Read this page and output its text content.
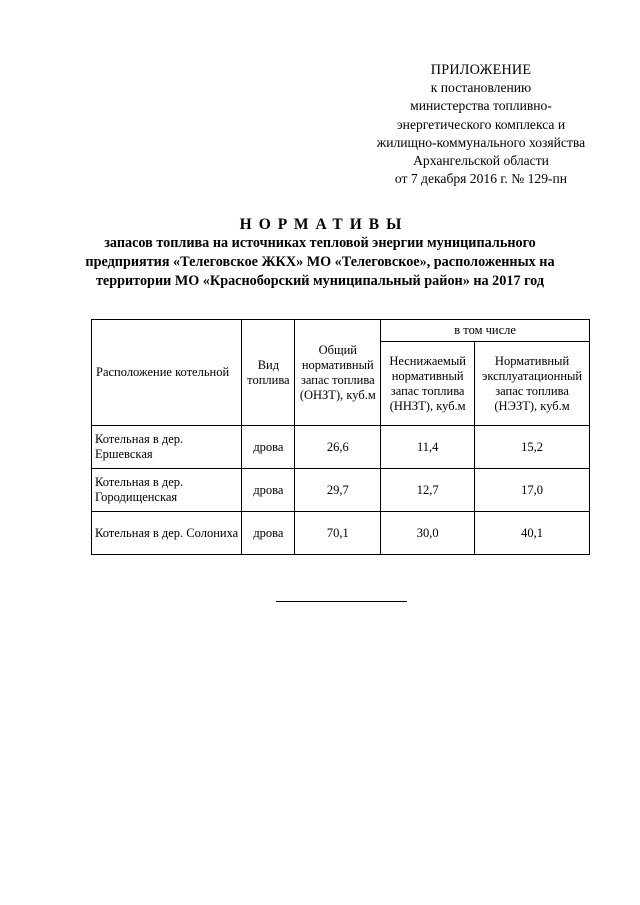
ПРИЛОЖЕНИЕ
к постановлению
министерства топливно-
энергетического комплекса и
жилищно-коммунального хозяйства
Архангельской области
от 7 декабря 2016 г. № 129-пн
НОРМАТИВЫ
запасов топлива на источниках тепловой энергии муниципального
предприятия «Телеговское ЖКХ» МО «Телеговское», расположенных на
территории МО «Красноборский муниципальный район» на 2017 год
Расположение котельной	Вид топлива	Общий нормативный запас топлива (ОНЗТ), куб.м	в том числе	
			Неснижаемый нормативный запас топлива (ННЗТ), куб.м	Нормативный эксплуатационный запас топлива (НЭЗТ), куб.м
Котельная в дер. Ершевская	дрова	26,6	11,4	15,2
Котельная в дер. Городищенская	дрова	29,7	12,7	17,0
Котельная в дер. Солониха	дрова	70,1	30,0	40,1
